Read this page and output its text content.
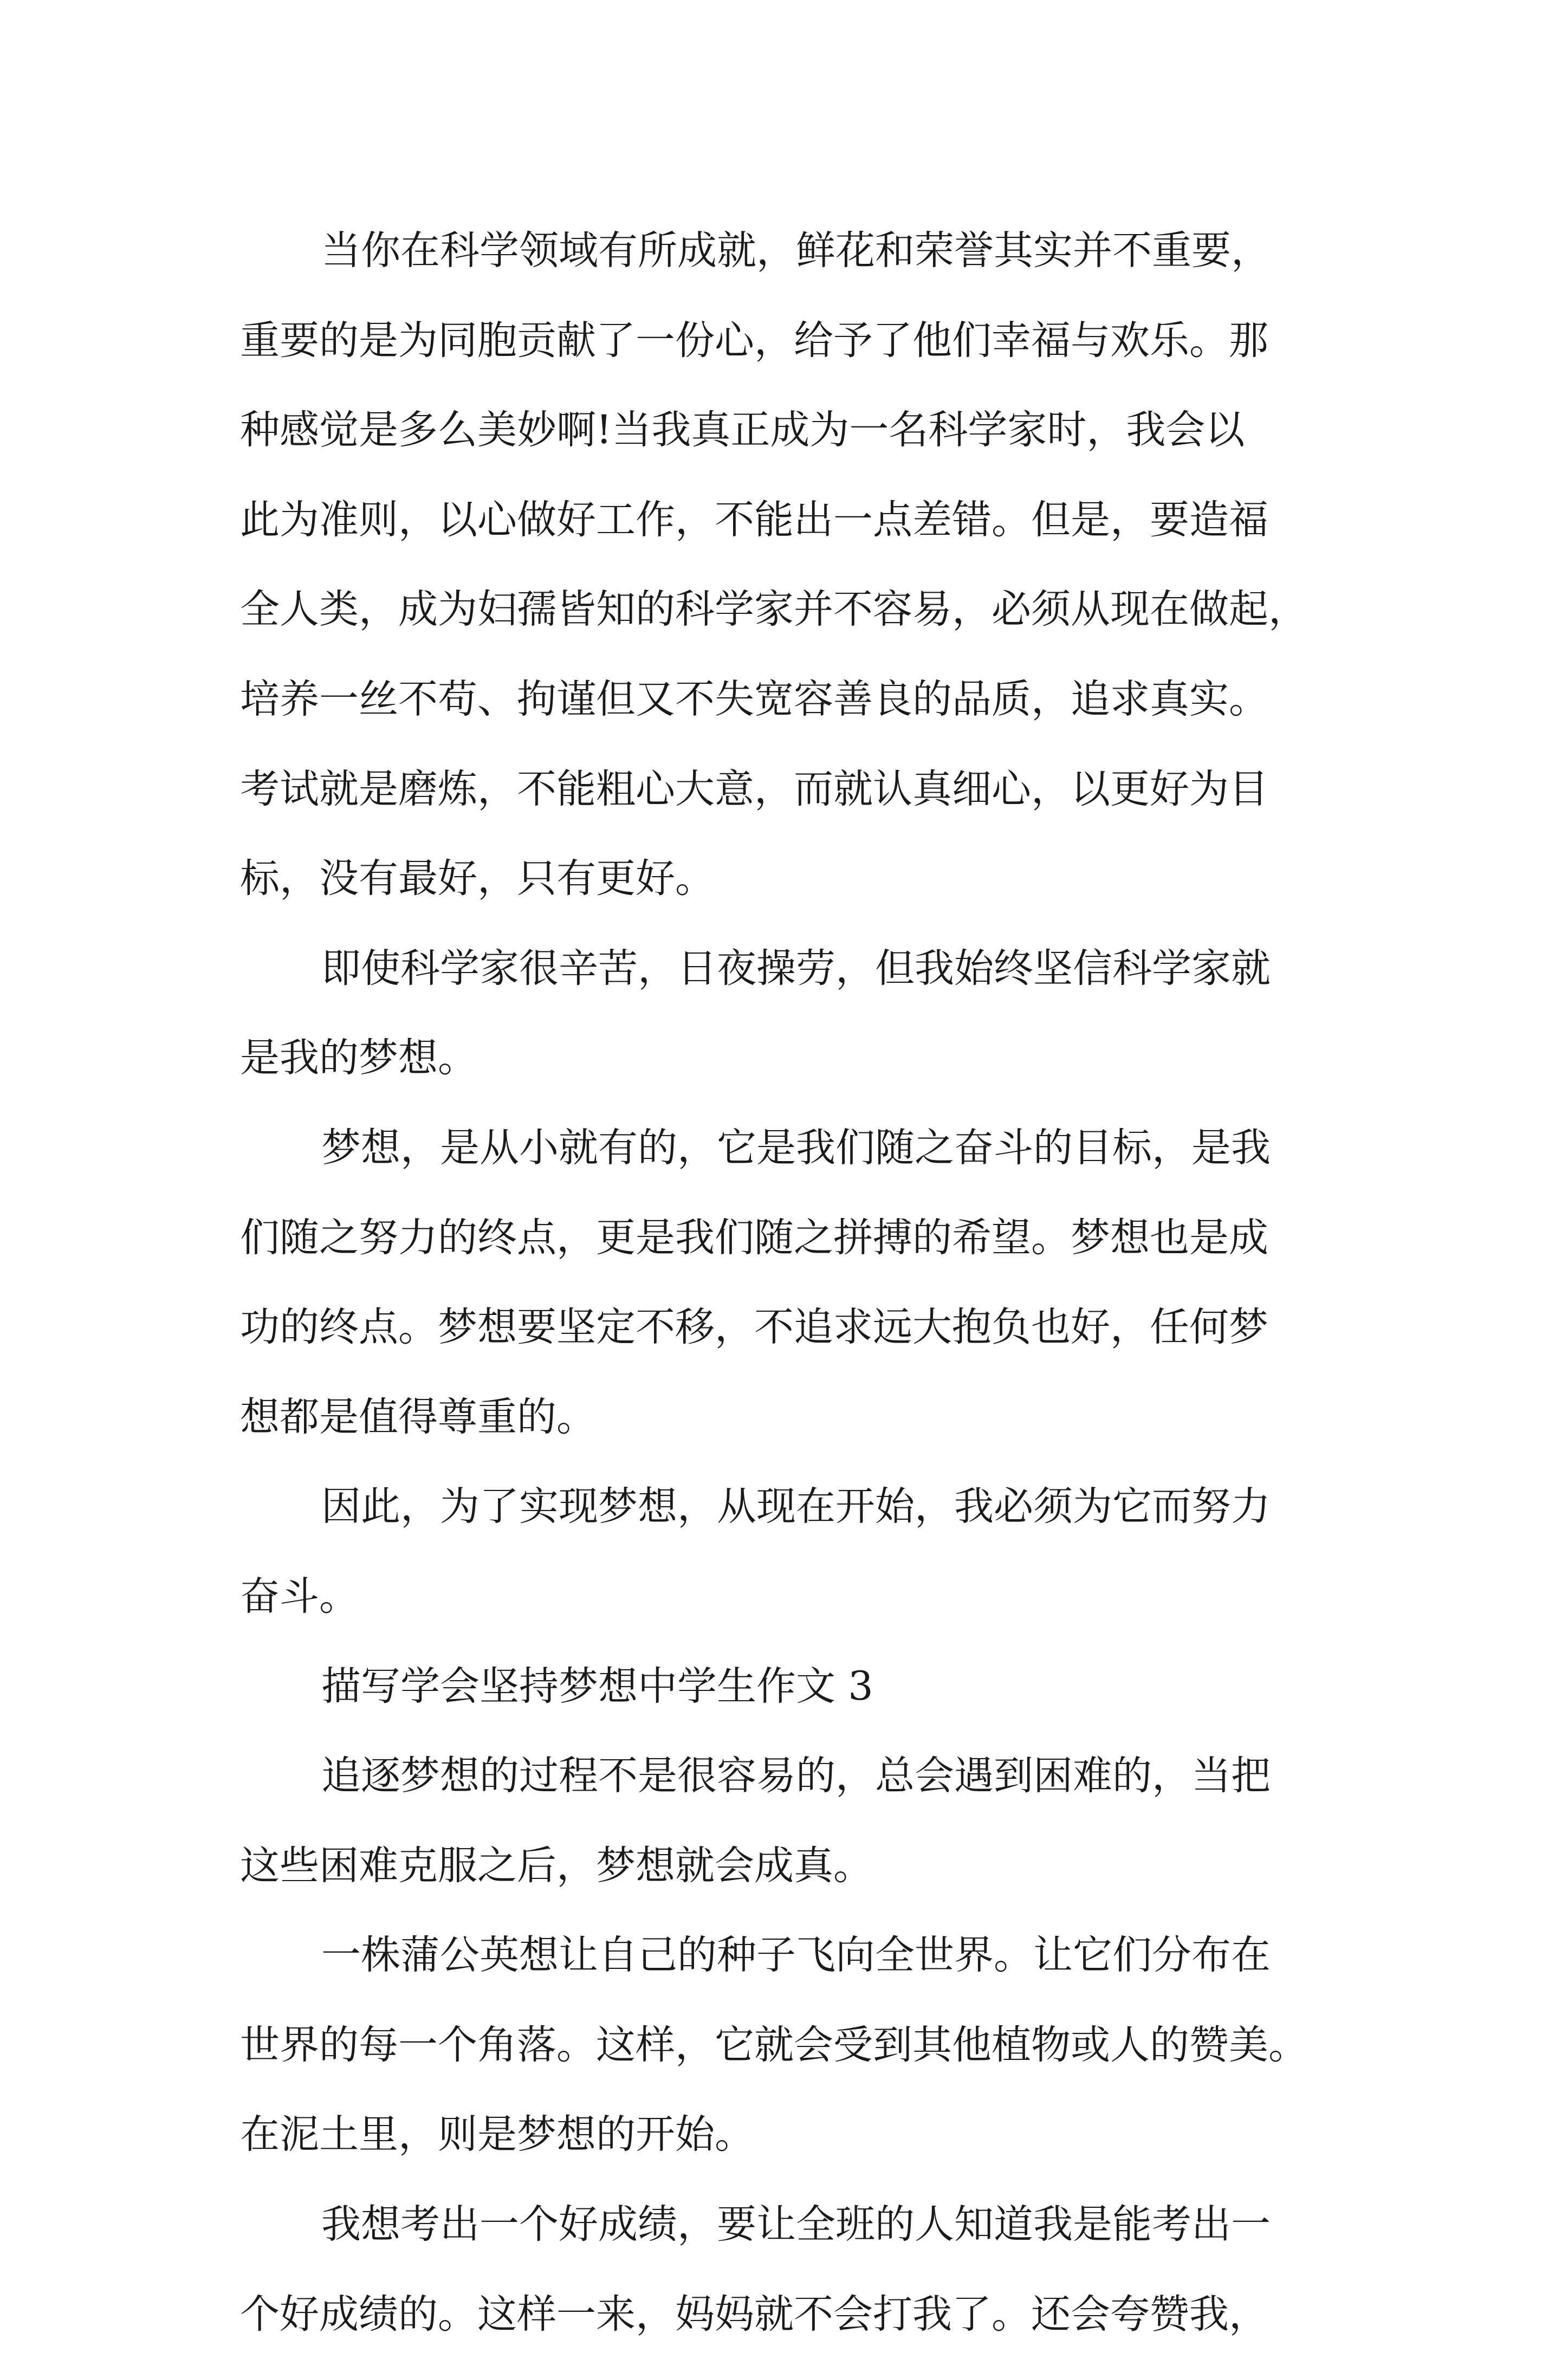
当你在科学领域有所成就，鲜花和荣誉其实并不重要，
重要的是为同胞贡献了一份心，给予了他们幸福与欢乐。那
种感觉是多么美妙啊!当我真正成为一名科学家时，我会以
此为准则，以心做好工作，不能出一点差错。但是，要造福
全人类，成为妇孺皆知的科学家并不容易，必须从现在做起，
培养一丝不苟、拘谨但又不失宽容善良的品质，追求真实。
考试就是磨炼，不能粗心大意，而就认真细心，以更好为目
标，没有最好，只有更好。
即使科学家很辛苦，日夜操劳，但我始终坚信科学家就
是我的梦想。
梦想，是从小就有的，它是我们随之奋斗的目标，是我
们随之努力的终点，更是我们随之拼搏的希望。梦想也是成
功的终点。梦想要坚定不移，不追求远大抱负也好，任何梦
想都是值得尊重的。
因此，为了实现梦想，从现在开始，我必须为它而努力
奋斗。
描写学会坚持梦想中学生作文 3
追逐梦想的过程不是很容易的，总会遇到困难的，当把
这些困难克服之后，梦想就会成真。
一株蒲公英想让自己的种子飞向全世界。让它们分布在
世界的每一个角落。这样，它就会受到其他植物或人的赞美。
在泥土里，则是梦想的开始。
我想考出一个好成绩，要让全班的人知道我是能考出一
个好成绩的。这样一来，妈妈就不会打我了。还会夸赞我，
